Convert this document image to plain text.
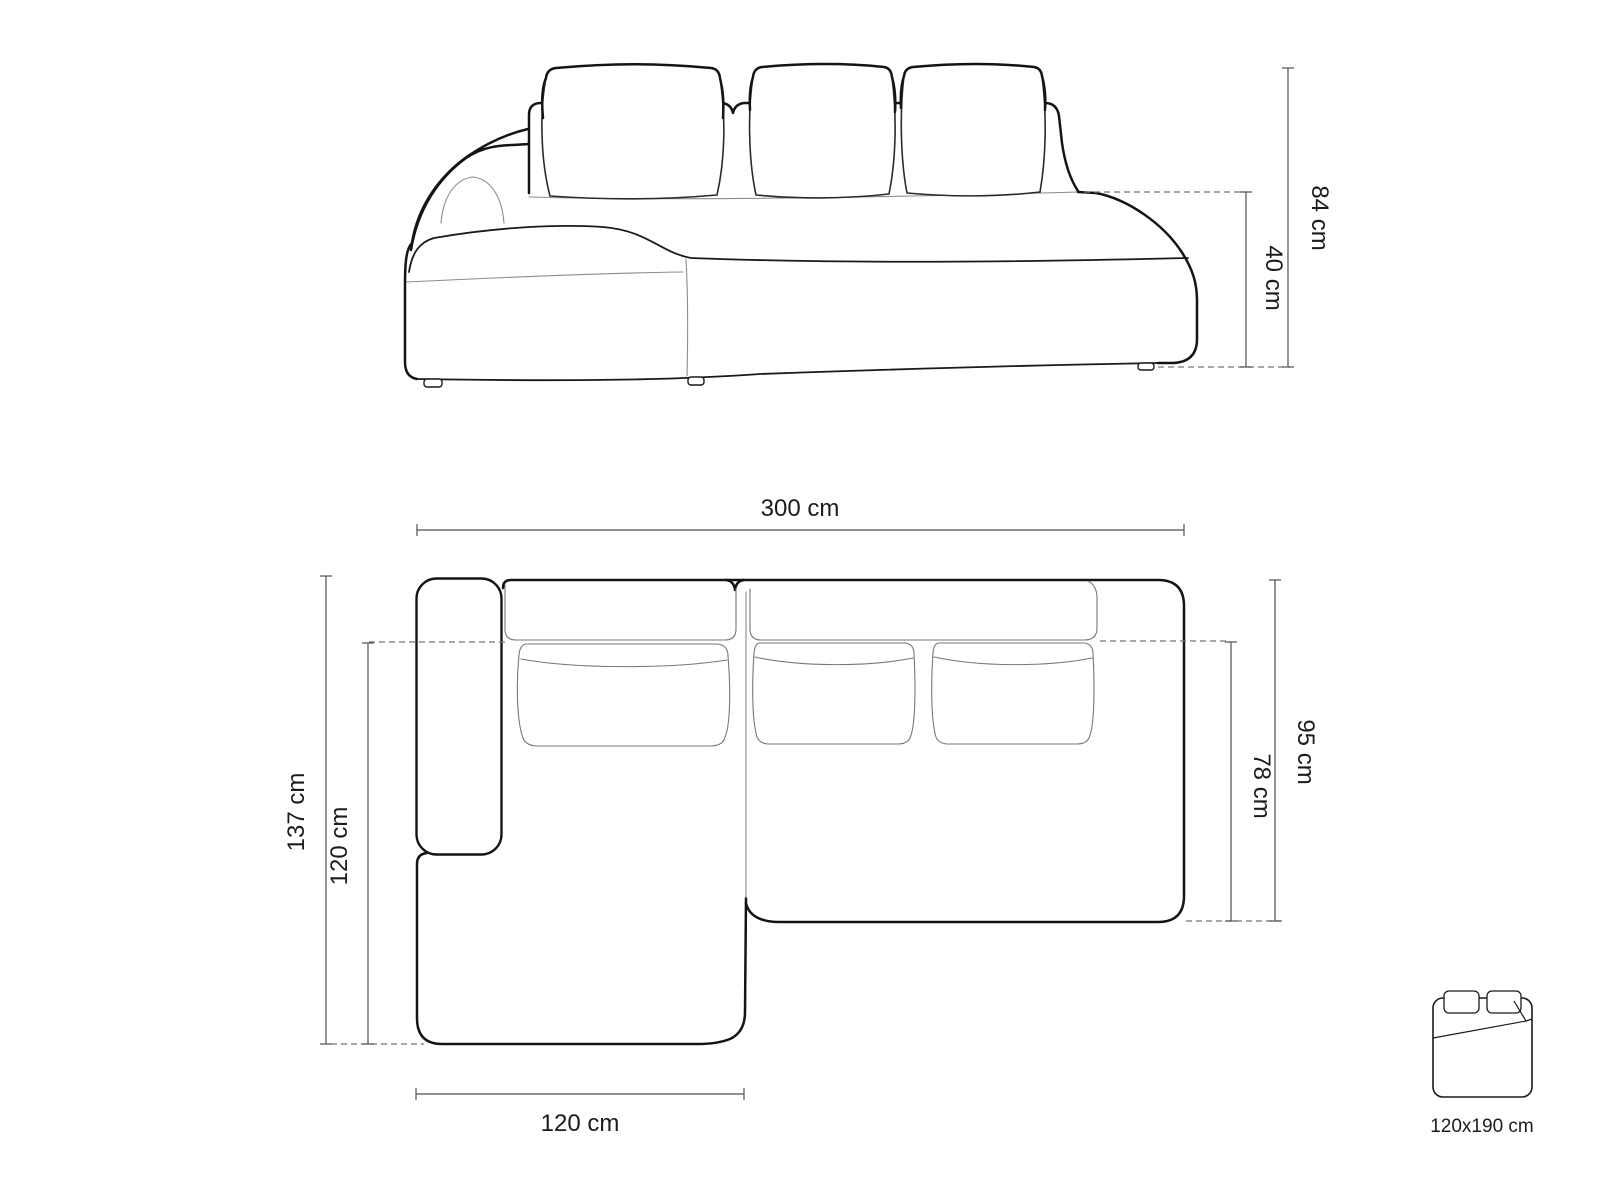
40 cm
84 cm
300 cm
137 cm 120 cm
95 cm
78 cm
120 cm	120x190 cm
